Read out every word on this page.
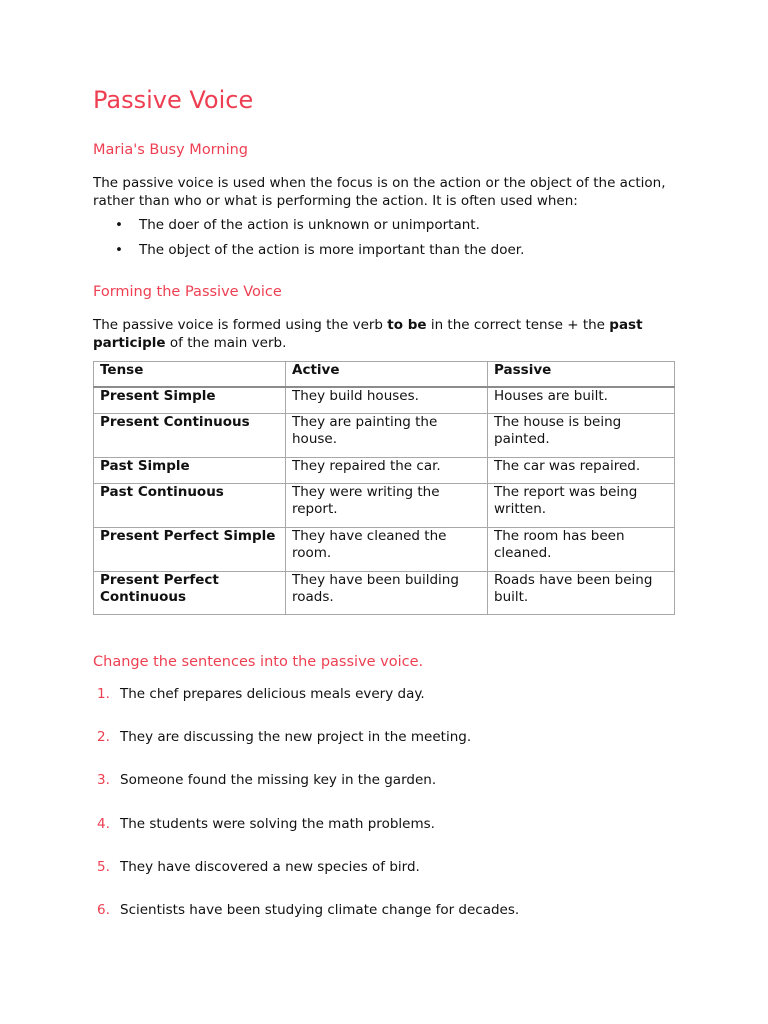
Passive Voice
Maria's Busy Morning

The passive voice is used when the focus is on the action or the object of the action, rather than who or what is performing the action. It is often used when:

• The doer of the action is unknown or unimportant.
• The object of the action is more important than the doer.
Forming the Passive Voice

The passive voice is formed using the verb to be in the correct tense + the past participle of the main verb.

Tense	Active	Passive
Present Simple	They build houses.	Houses are built.
Present Continuous	They are painting the house.	The house is being painted.
Past Simple	They repaired the car.	The car was repaired.
Past Continuous	They were writing the report.	The report was being written.
Present Perfect Simple	They have cleaned the room.	The room has been cleaned.
Present Perfect Continuous	They have been building roads.	Roads have been being built.
Change the sentences into the passive voice.
1. The chef prepares delicious meals every day.
2. They are discussing the new project in the meeting.
3. Someone found the missing key in the garden.
4. The students were solving the math problems.
5. They have discovered a new species of bird.
6. Scientists have been studying climate change for decades.
